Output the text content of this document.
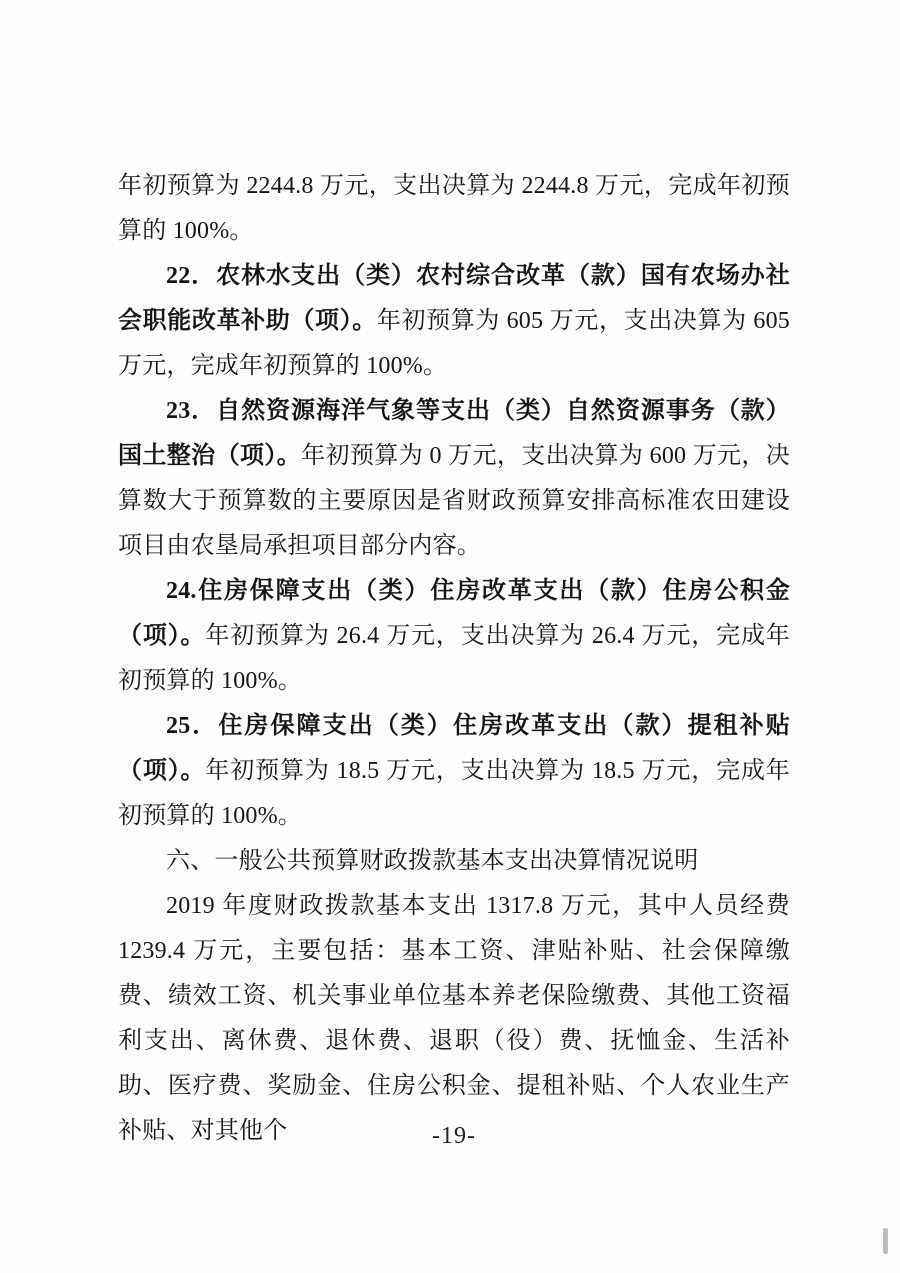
年初预算为 2244.8 万元，支出决算为 2244.8 万元，完成年初预算的 100%。

22．农林水支出（类）农村综合改革（款）国有农场办社会职能改革补助（项）。年初预算为 605 万元，支出决算为 605 万元，完成年初预算的 100%。

23．自然资源海洋气象等支出（类）自然资源事务（款）国土整治（项）。年初预算为 0 万元，支出决算为 600 万元，决算数大于预算数的主要原因是省财政预算安排高标准农田建设项目由农垦局承担项目部分内容。

24.住房保障支出（类）住房改革支出（款）住房公积金（项）。年初预算为 26.4 万元，支出决算为 26.4 万元，完成年初预算的 100%。

25．住房保障支出（类）住房改革支出（款）提租补贴（项）。年初预算为 18.5 万元，支出决算为 18.5 万元，完成年初预算的 100%。

六、一般公共预算财政拨款基本支出决算情况说明

2019 年度财政拨款基本支出 1317.8 万元，其中人员经费 1239.4 万元，主要包括：基本工资、津贴补贴、社会保障缴费、绩效工资、机关事业单位基本养老保险缴费、其他工资福利支出、离休费、退休费、退职（役）费、抚恤金、生活补助、医疗费、奖励金、住房公积金、提租补贴、个人农业生产补贴、对其他个	-19-
